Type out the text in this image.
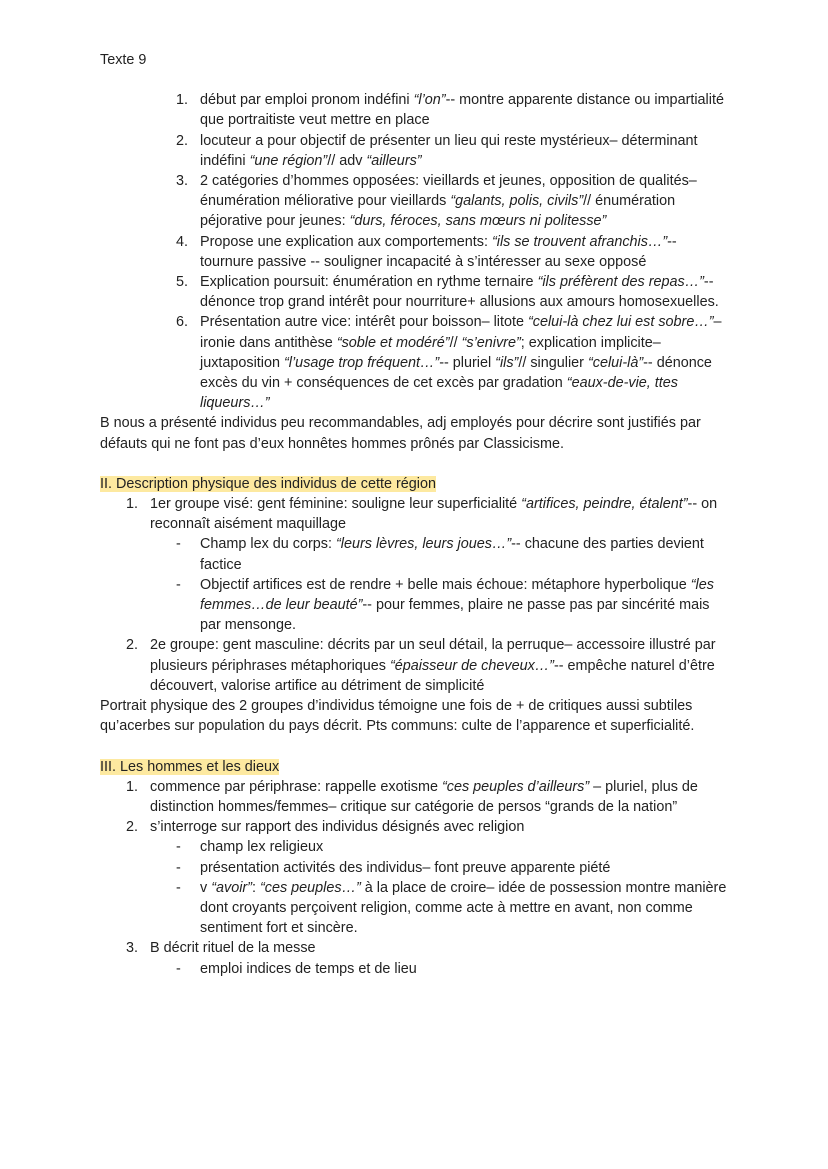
Texte 9

1. début par emploi pronom indéfini “l’on”-- montre apparente distance ou impartialité que portraitiste veut mettre en place
2. locuteur a pour objectif de présenter un lieu qui reste mystérieux– déterminant indéfini “une région”// adv “ailleurs”
3. 2 catégories d’hommes opposées: vieillards et jeunes, opposition de qualités– énumération méliorative pour vieillards “galants, polis, civils”// énumération péjorative pour jeunes: “durs, féroces, sans mœurs ni politesse”
4. Propose une explication aux comportements: “ils se trouvent afranchis…”-- tournure passive -- souligner incapacité à s’intéresser au sexe opposé
5. Explication poursuit: énumération en rythme ternaire “ils préfèrent des repas…”-- dénonce trop grand intérêt pour nourriture+ allusions aux amours homosexuelles.
6. Présentation autre vice: intérêt pour boisson– litote “celui-là chez lui est sobre…”– ironie dans antithèse “soble et modéré”// “s’enivre”; explication implicite– juxtaposition “l’usage trop fréquent…”-- pluriel “ils”// singulier “celui-là”-- dénonce excès du vin + conséquences de cet excès par gradation “eaux-de-vie, ttes liqueurs…”

B nous a présenté individus peu recommandables, adj employés pour décrire sont justifiés par défauts qui ne font pas d’eux honnêtes hommes prônés par Classicisme.

II. Description physique des individus de cette région

1. 1er groupe visé: gent féminine: souligne leur superficialité “artifices, peindre, étalent”-- on reconnaît aisément maquillage
- Champ lex du corps: “leurs lèvres, leurs joues…”-- chacune des parties devient factice
- Objectif artifices est de rendre + belle mais échoue: métaphore hyperbolique “les femmes…de leur beauté”-- pour femmes, plaire ne passe pas par sincérité mais par mensonge.
2. 2e groupe: gent masculine: décrits par un seul détail, la perruque– accessoire illustré par plusieurs périphrases métaphoriques “épaisseur de cheveux…”-- empêche naturel d’être découvert, valorise artifice au détriment de simplicité

Portrait physique des 2 groupes d’individus témoigne une fois de + de critiques aussi subtiles qu’acerbes sur population du pays décrit. Pts communs: culte de l’apparence et superficialité.

III. Les hommes et les dieux

1. commence par périphrase: rappelle exotisme “ces peuples d’ailleurs” – pluriel, plus de distinction hommes/femmes– critique sur catégorie de persos “grands de la nation”
2. s’interroge sur rapport des individus désignés avec religion
- champ lex religieux
- présentation activités des individus– font preuve apparente piété
- v “avoir”: “ces peuples…” à la place de croire– idée de possession montre manière dont croyants perçoivent religion, comme acte à mettre en avant, non comme sentiment fort et sincère.
3. B décrit rituel de la messe
- emploi indices de temps et de lieu
